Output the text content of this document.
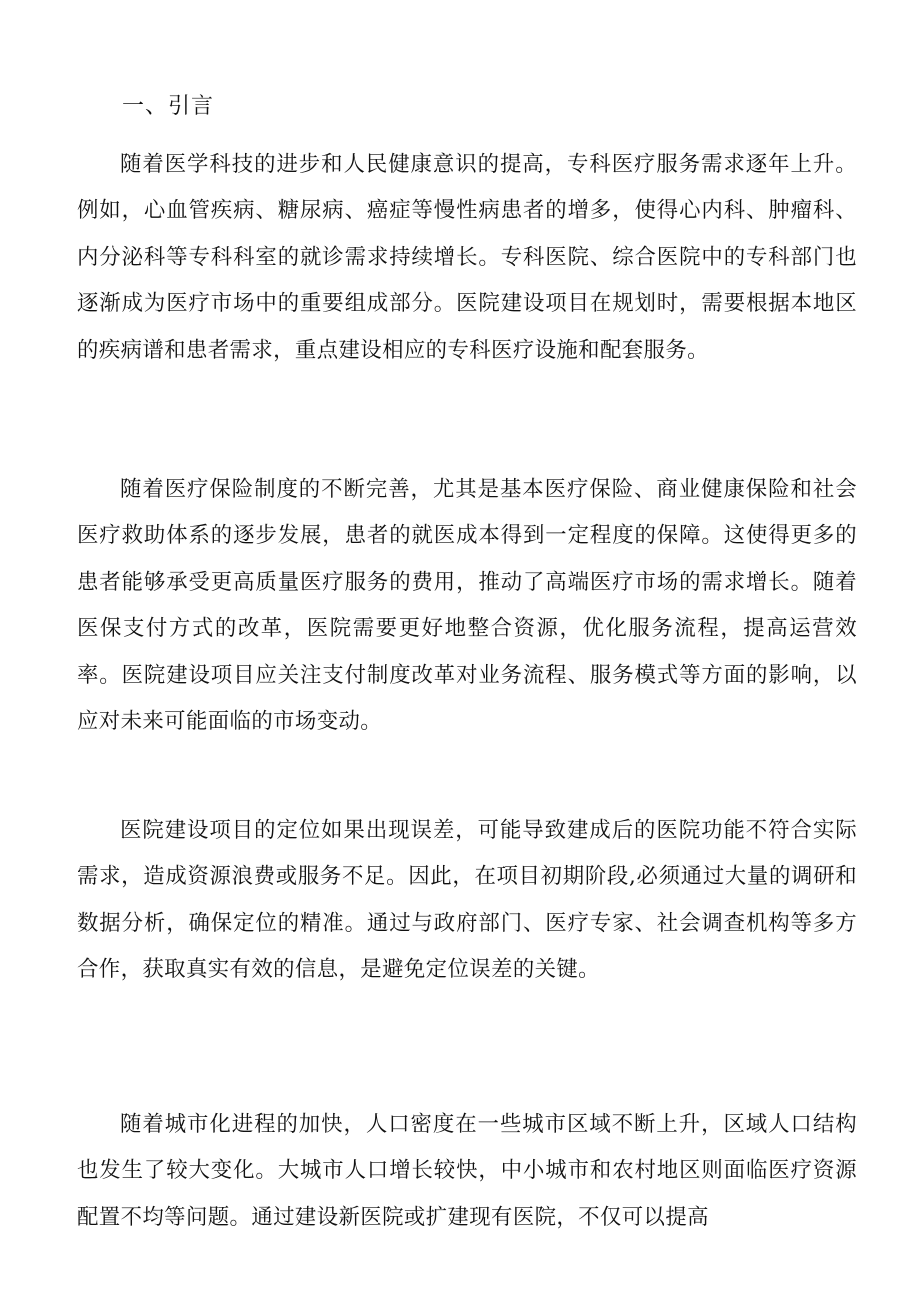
一、引言

随着医学科技的进步和人民健康意识的提高，专科医疗服务需求逐年上升。例如，心血管疾病、糖尿病、癌症等慢性病患者的增多，使得心内科、肿瘤科、内分泌科等专科科室的就诊需求持续增长。专科医院、综合医院中的专科部门也逐渐成为医疗市场中的重要组成部分。医院建设项目在规划时，需要根据本地区的疾病谱和患者需求，重点建设相应的专科医疗设施和配套服务。

随着医疗保险制度的不断完善，尤其是基本医疗保险、商业健康保险和社会医疗救助体系的逐步发展，患者的就医成本得到一定程度的保障。这使得更多的患者能够承受更高质量医疗服务的费用，推动了高端医疗市场的需求增长。随着医保支付方式的改革，医院需要更好地整合资源，优化服务流程，提高运营效率。医院建设项目应关注支付制度改革对业务流程、服务模式等方面的影响，以应对未来可能面临的市场变动。

医院建设项目的定位如果出现误差，可能导致建成后的医院功能不符合实际需求，造成资源浪费或服务不足。因此，在项目初期阶段,必须通过大量的调研和数据分析，确保定位的精准。通过与政府部门、医疗专家、社会调查机构等多方合作，获取真实有效的信息，是避免定位误差的关键。

随着城市化进程的加快，人口密度在一些城市区域不断上升，区域人口结构也发生了较大变化。大城市人口增长较快，中小城市和农村地区则面临医疗资源配置不均等问题。通过建设新医院或扩建现有医院，不仅可以提高
